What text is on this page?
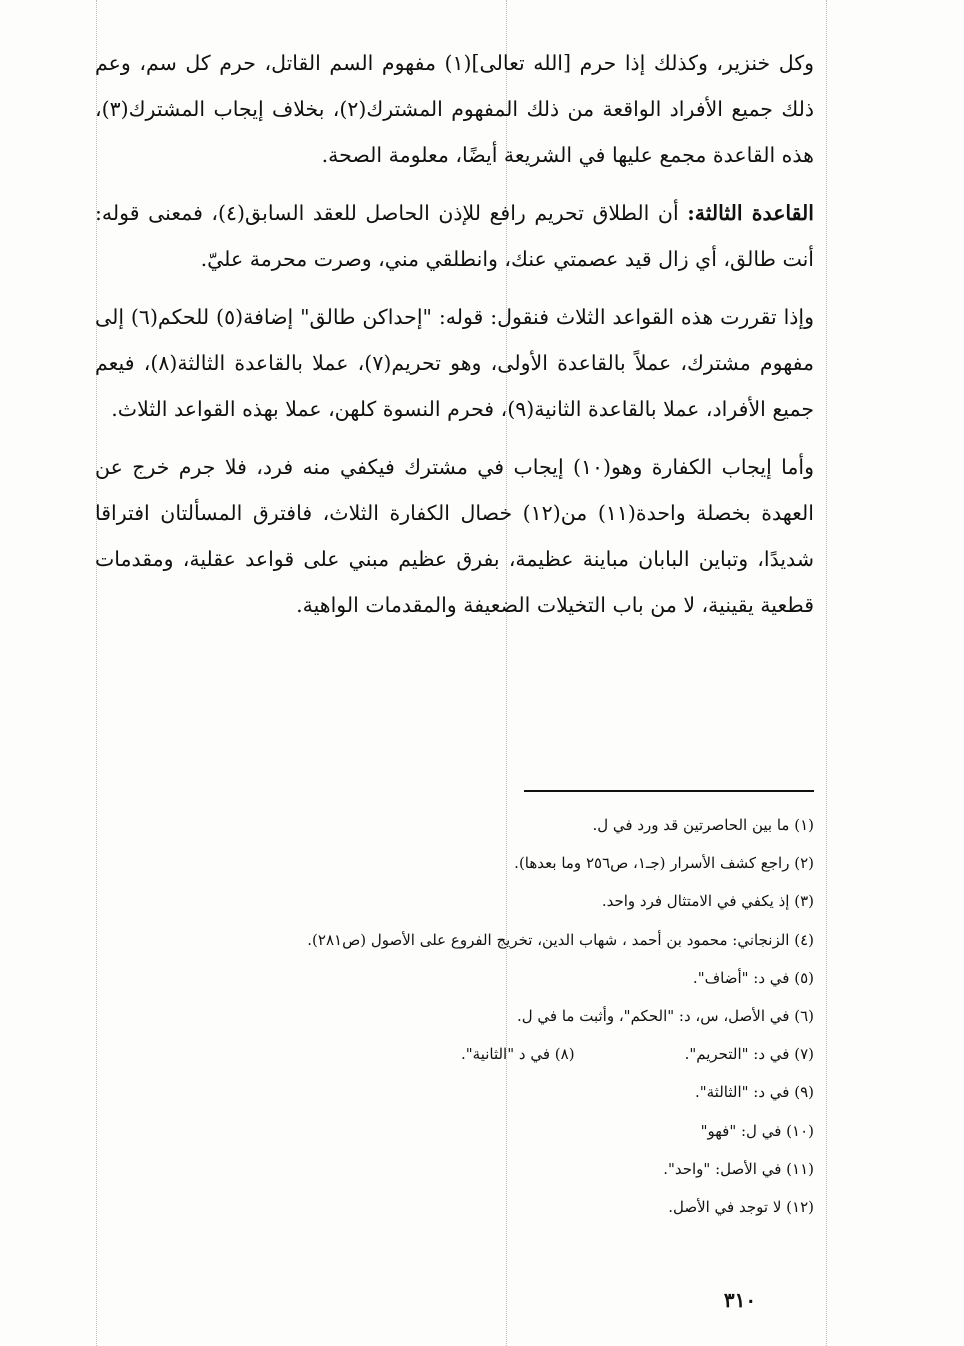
وكل خنزير، وكذلك إذا حرم [الله تعالى](١) مفهوم السم القاتل، حرم كل سم، وعم ذلك جميع الأفراد الواقعة من ذلك المفهوم المشترك(٢)، بخلاف إيجاب المشترك(٣)، هذه القاعدة مجمع عليها في الشريعة أيضًا، معلومة الصحة.

القاعدة الثالثة: أن الطلاق تحريم رافع للإذن الحاصل للعقد السابق(٤)، فمعنى قوله: أنت طالق، أي زال قيد عصمتي عنك، وانطلقي مني، وصرت محرمة عليّ.

وإذا تقررت هذه القواعد الثلاث فنقول: قوله: "إحداكن طالق" إضافة(٥) للحكم(٦) إلى مفهوم مشترك، عملاً بالقاعدة الأولى، وهو تحريم(٧)، عملا بالقاعدة الثالثة(٨)، فيعم جميع الأفراد، عملا بالقاعدة الثانية(٩)، فحرم النسوة كلهن، عملا بهذه القواعد الثلاث.

وأما إيجاب الكفارة وهو(١٠) إيجاب في مشترك فيكفي منه فرد، فلا جرم خرج عن العهدة بخصلة واحدة(١١) من(١٢) خصال الكفارة الثلاث، فافترق المسألتان افتراقا شديدًا، وتباين البابان مباينة عظيمة، بفرق عظيم مبني على قواعد عقلية، ومقدمات قطعية يقينية، لا من باب التخيلات الضعيفة والمقدمات الواهية.

(١) ما بين الحاصرتين قد ورد في ل.

(٢) راجع كشف الأسرار (جـ١، ص٢٥٦ وما بعدها).

(٣) إذ يكفي في الامتثال فرد واحد.

(٤) الزنجاني: محمود بن أحمد ، شهاب الدين، تخريج الفروع على الأصول (ص٢٨١).

(٥) في د: "أضاف".

(٦) في الأصل، س، د: "الحكم"، وأثبت ما في ل.

(٧) في د: "التحريم".(٨) في د "الثانية".

(٩) في د: "الثالثة".

(١٠) في ل: "فهو"

(١١) في الأصل: "واحد".

(١٢) لا توجد في الأصل.

٣١٠
